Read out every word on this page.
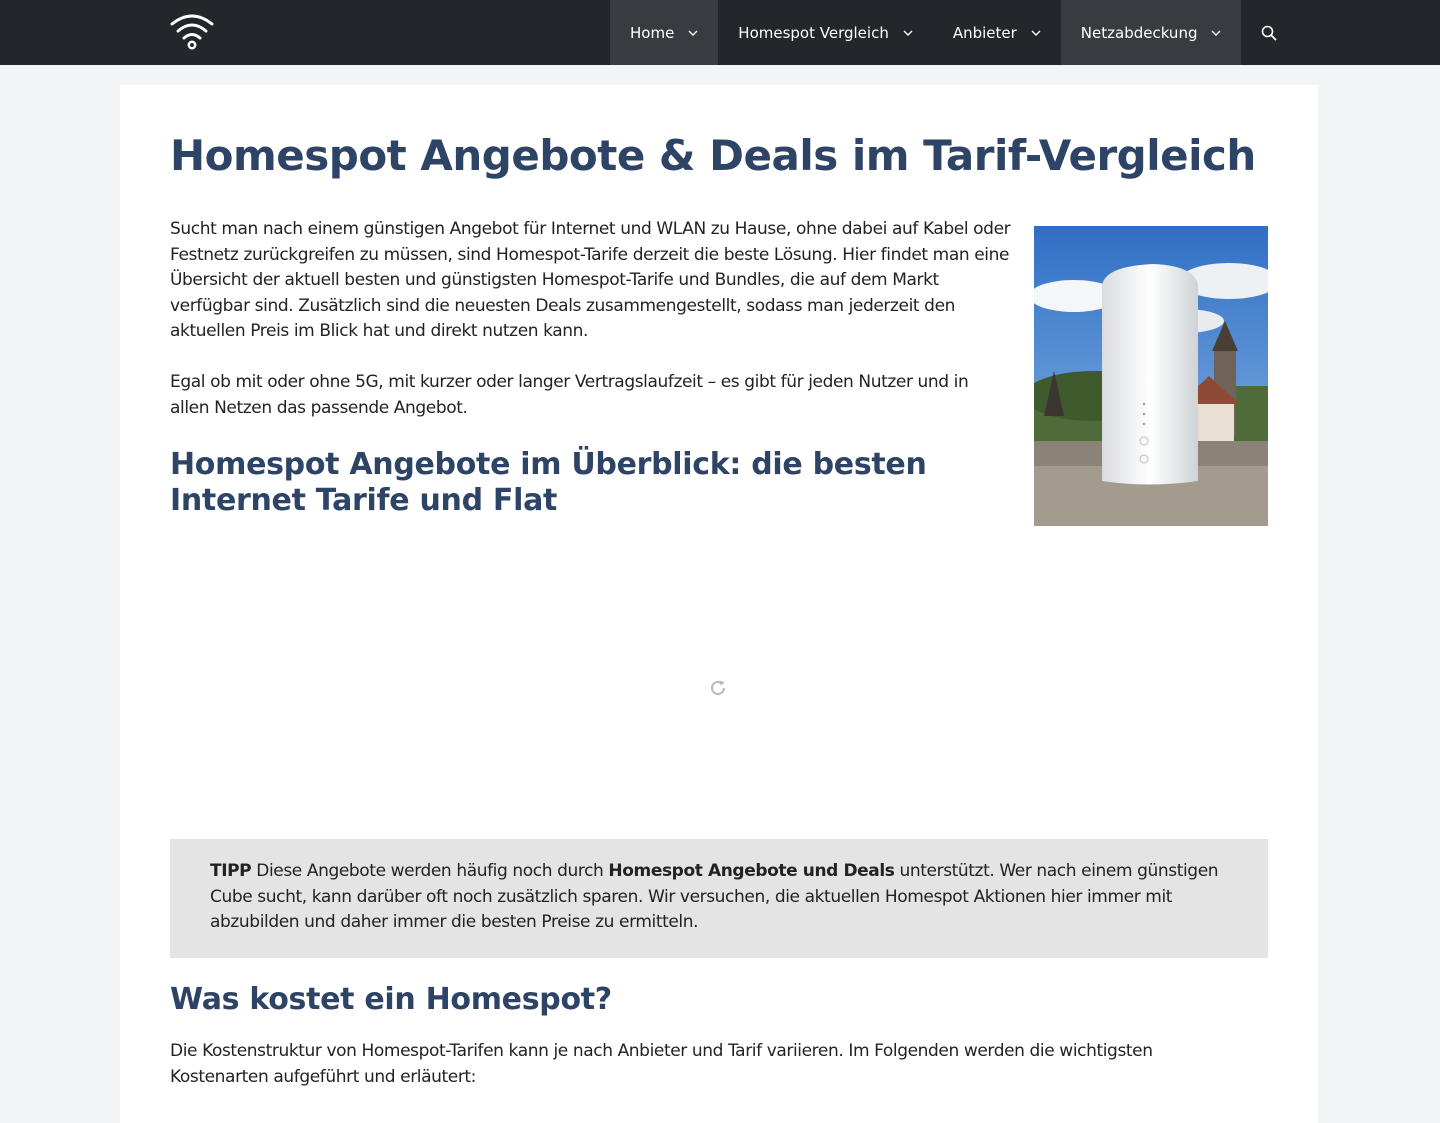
Home	Homespot Vergleich	Anbieter	Netzabdeckung
Homespot Angebote & Deals im Tarif-Vergleich

Sucht man nach einem günstigen Angebot für Internet und WLAN zu Hause, ohne dabei auf Kabel oder Festnetz zurückgreifen zu müssen, sind Homespot-Tarife derzeit die beste Lösung. Hier findet man eine Übersicht der aktuell besten und günstigsten Homespot-Tarife und Bundles, die auf dem Markt verfügbar sind. Zusätzlich sind die neuesten Deals zusammengestellt, sodass man jederzeit den aktuellen Preis im Blick hat und direkt nutzen kann.

Egal ob mit oder ohne 5G, mit kurzer oder langer Vertragslaufzeit – es gibt für jeden Nutzer und in allen Netzen das passende Angebot.

Homespot Angebote im Überblick: die besten Internet Tarife und Flat

TIPP Diese Angebote werden häufig noch durch Homespot Angebote und Deals unterstützt. Wer nach einem günstigen Cube sucht, kann darüber oft noch zusätzlich sparen. Wir versuchen, die aktuellen Homespot Aktionen hier immer mit abzubilden und daher immer die besten Preise zu ermitteln.

Was kostet ein Homespot?

Die Kostenstruktur von Homespot-Tarifen kann je nach Anbieter und Tarif variieren. Im Folgenden werden die wichtigsten Kostenarten aufgeführt und erläutert:
